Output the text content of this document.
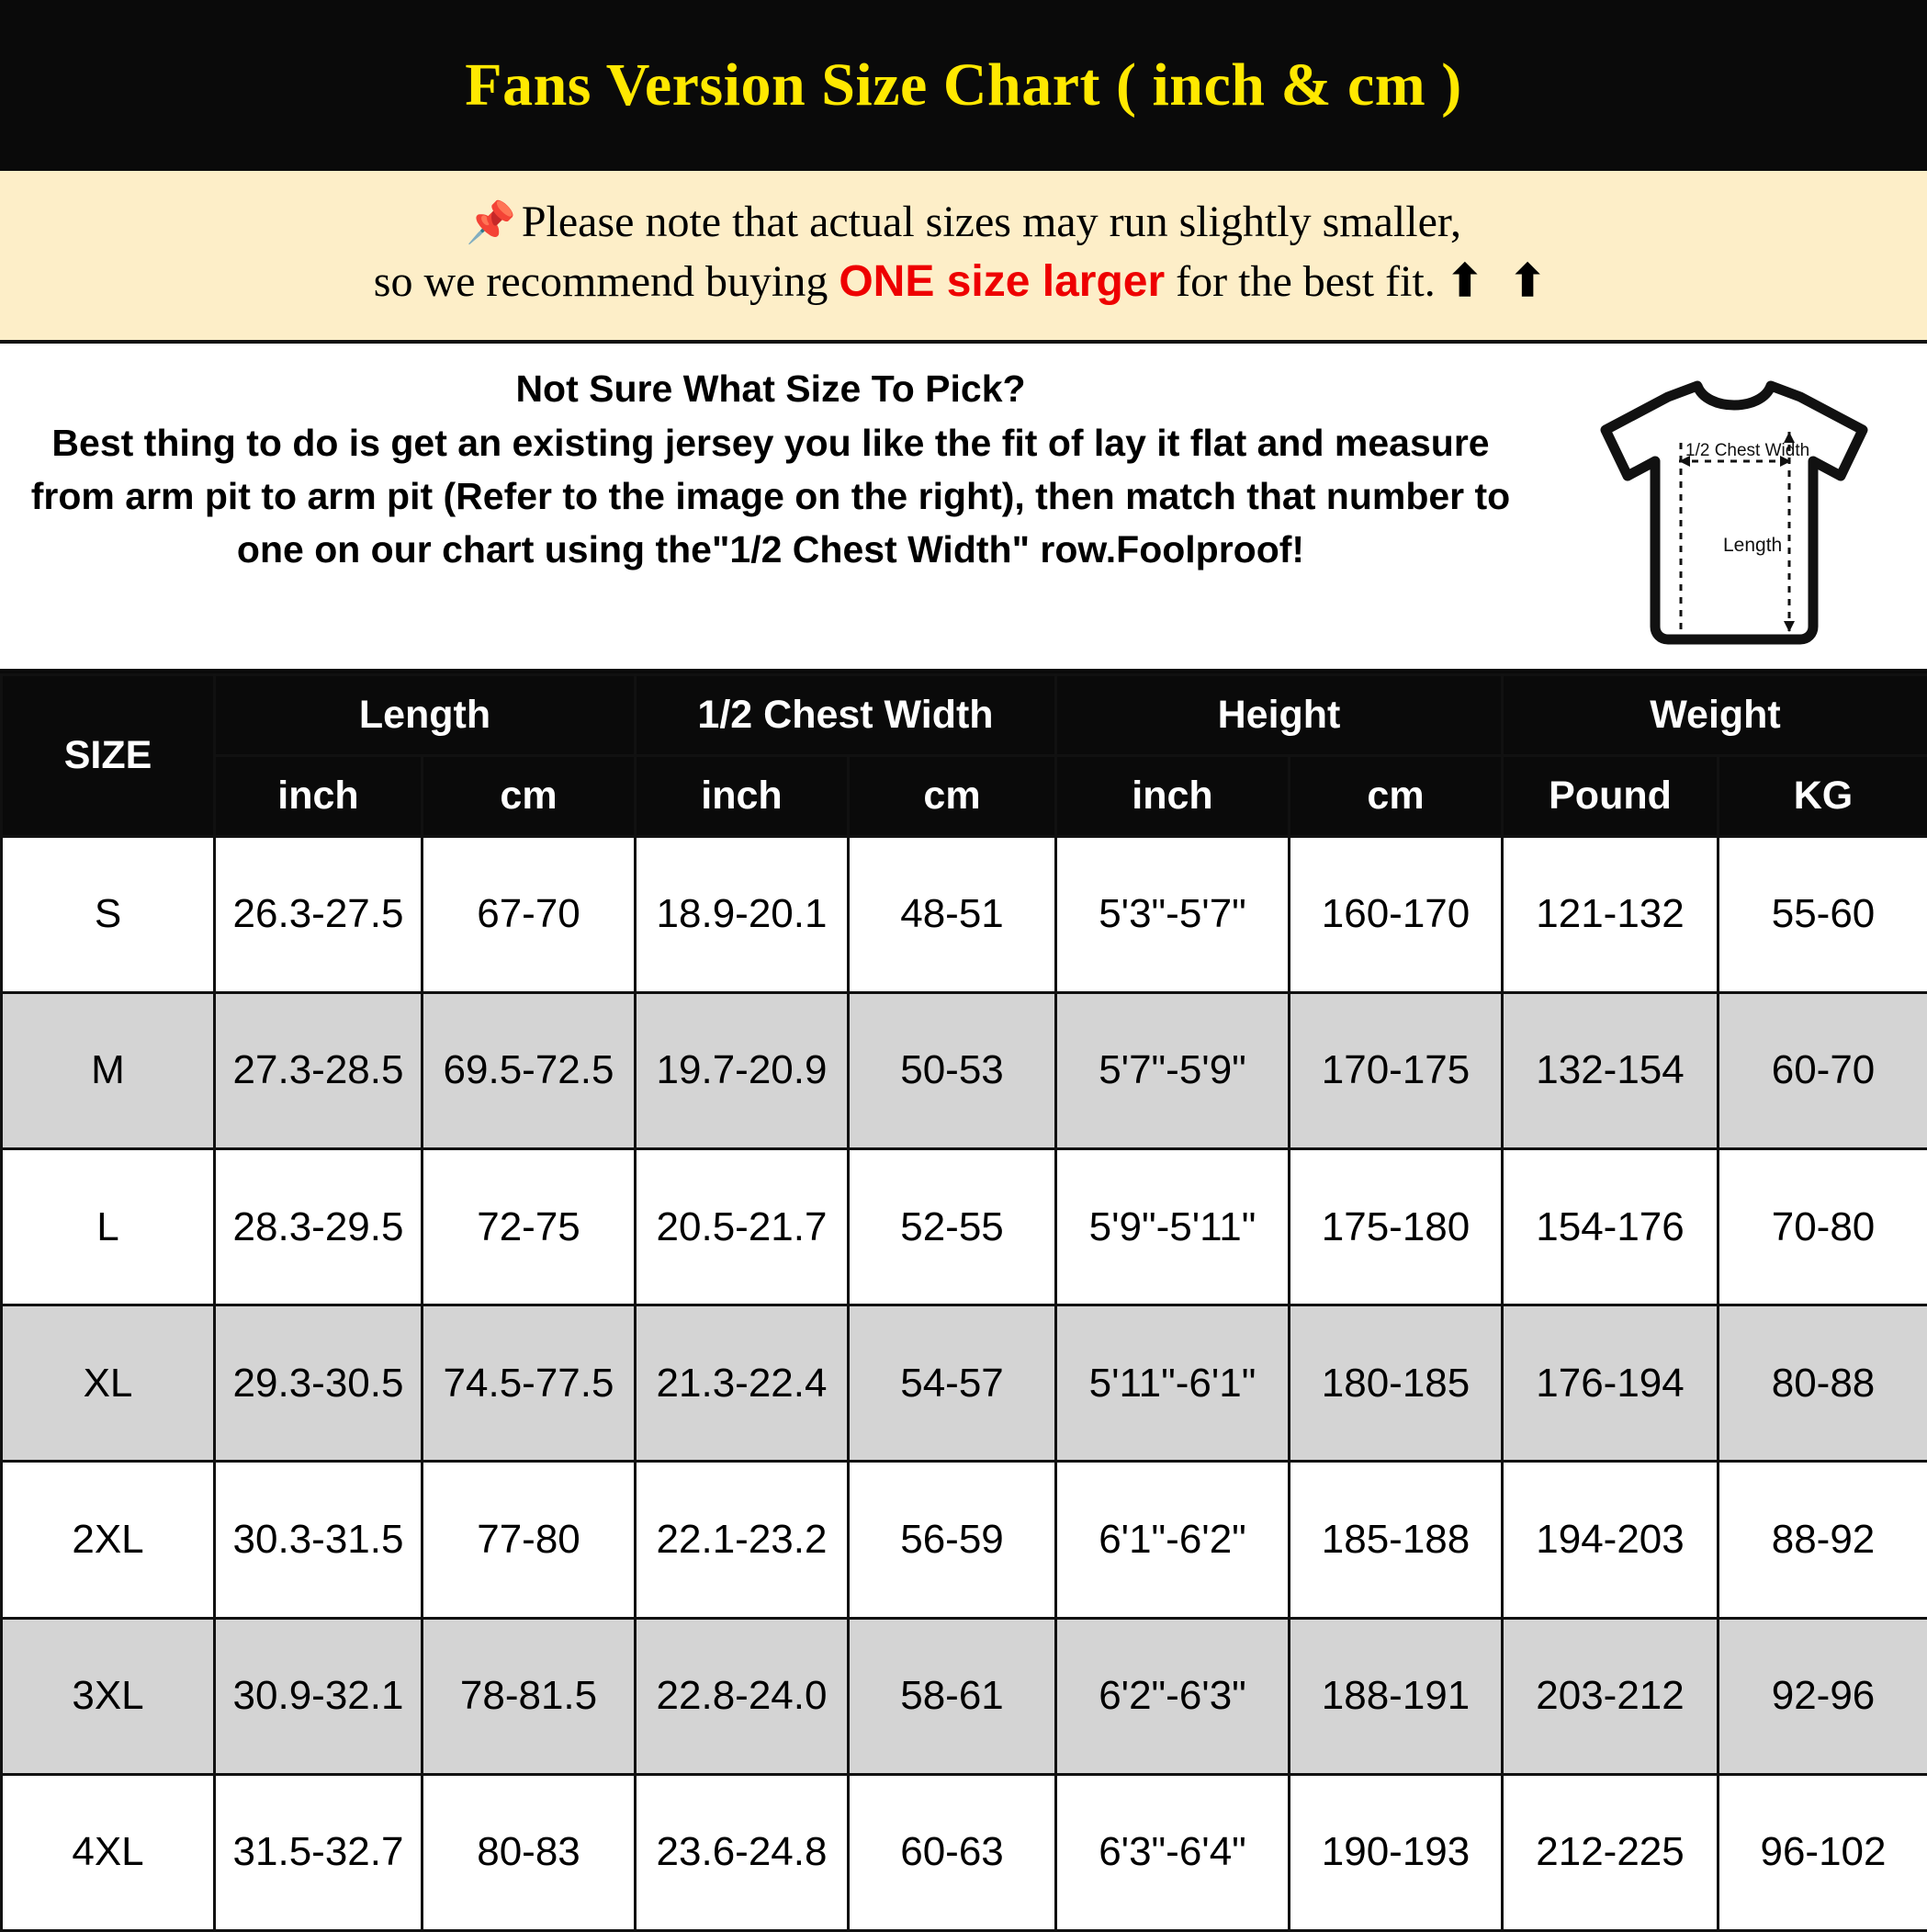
Fans Version Size Chart ( inch & cm )
📌 Please note that actual sizes may run slightly smaller,
so we recommend buying ONE size larger for the best fit. ⬆ ⬆
Not Sure What Size To Pick?
Best thing to do is get an existing jersey you like the fit of lay it flat and measure from arm pit to arm pit (Refer to the image on the right), then match that number to one on our chart using the"1/2 Chest Width" row.Foolproof!
1/2 Chest Width
Length
SIZE	Length		1/2 Chest Width		Height		Weight	
	inch	cm	inch	cm	inch	cm	Pound	KG
S	26.3-27.5	67-70	18.9-20.1	48-51	5'3"-5'7"	160-170	121-132	55-60
M	27.3-28.5	69.5-72.5	19.7-20.9	50-53	5'7"-5'9"	170-175	132-154	60-70
L	28.3-29.5	72-75	20.5-21.7	52-55	5'9"-5'11"	175-180	154-176	70-80
XL	29.3-30.5	74.5-77.5	21.3-22.4	54-57	5'11"-6'1"	180-185	176-194	80-88
2XL	30.3-31.5	77-80	22.1-23.2	56-59	6'1"-6'2"	185-188	194-203	88-92
3XL	30.9-32.1	78-81.5	22.8-24.0	58-61	6'2"-6'3"	188-191	203-212	92-96
4XL	31.5-32.7	80-83	23.6-24.8	60-63	6'3"-6'4"	190-193	212-225	96-102
